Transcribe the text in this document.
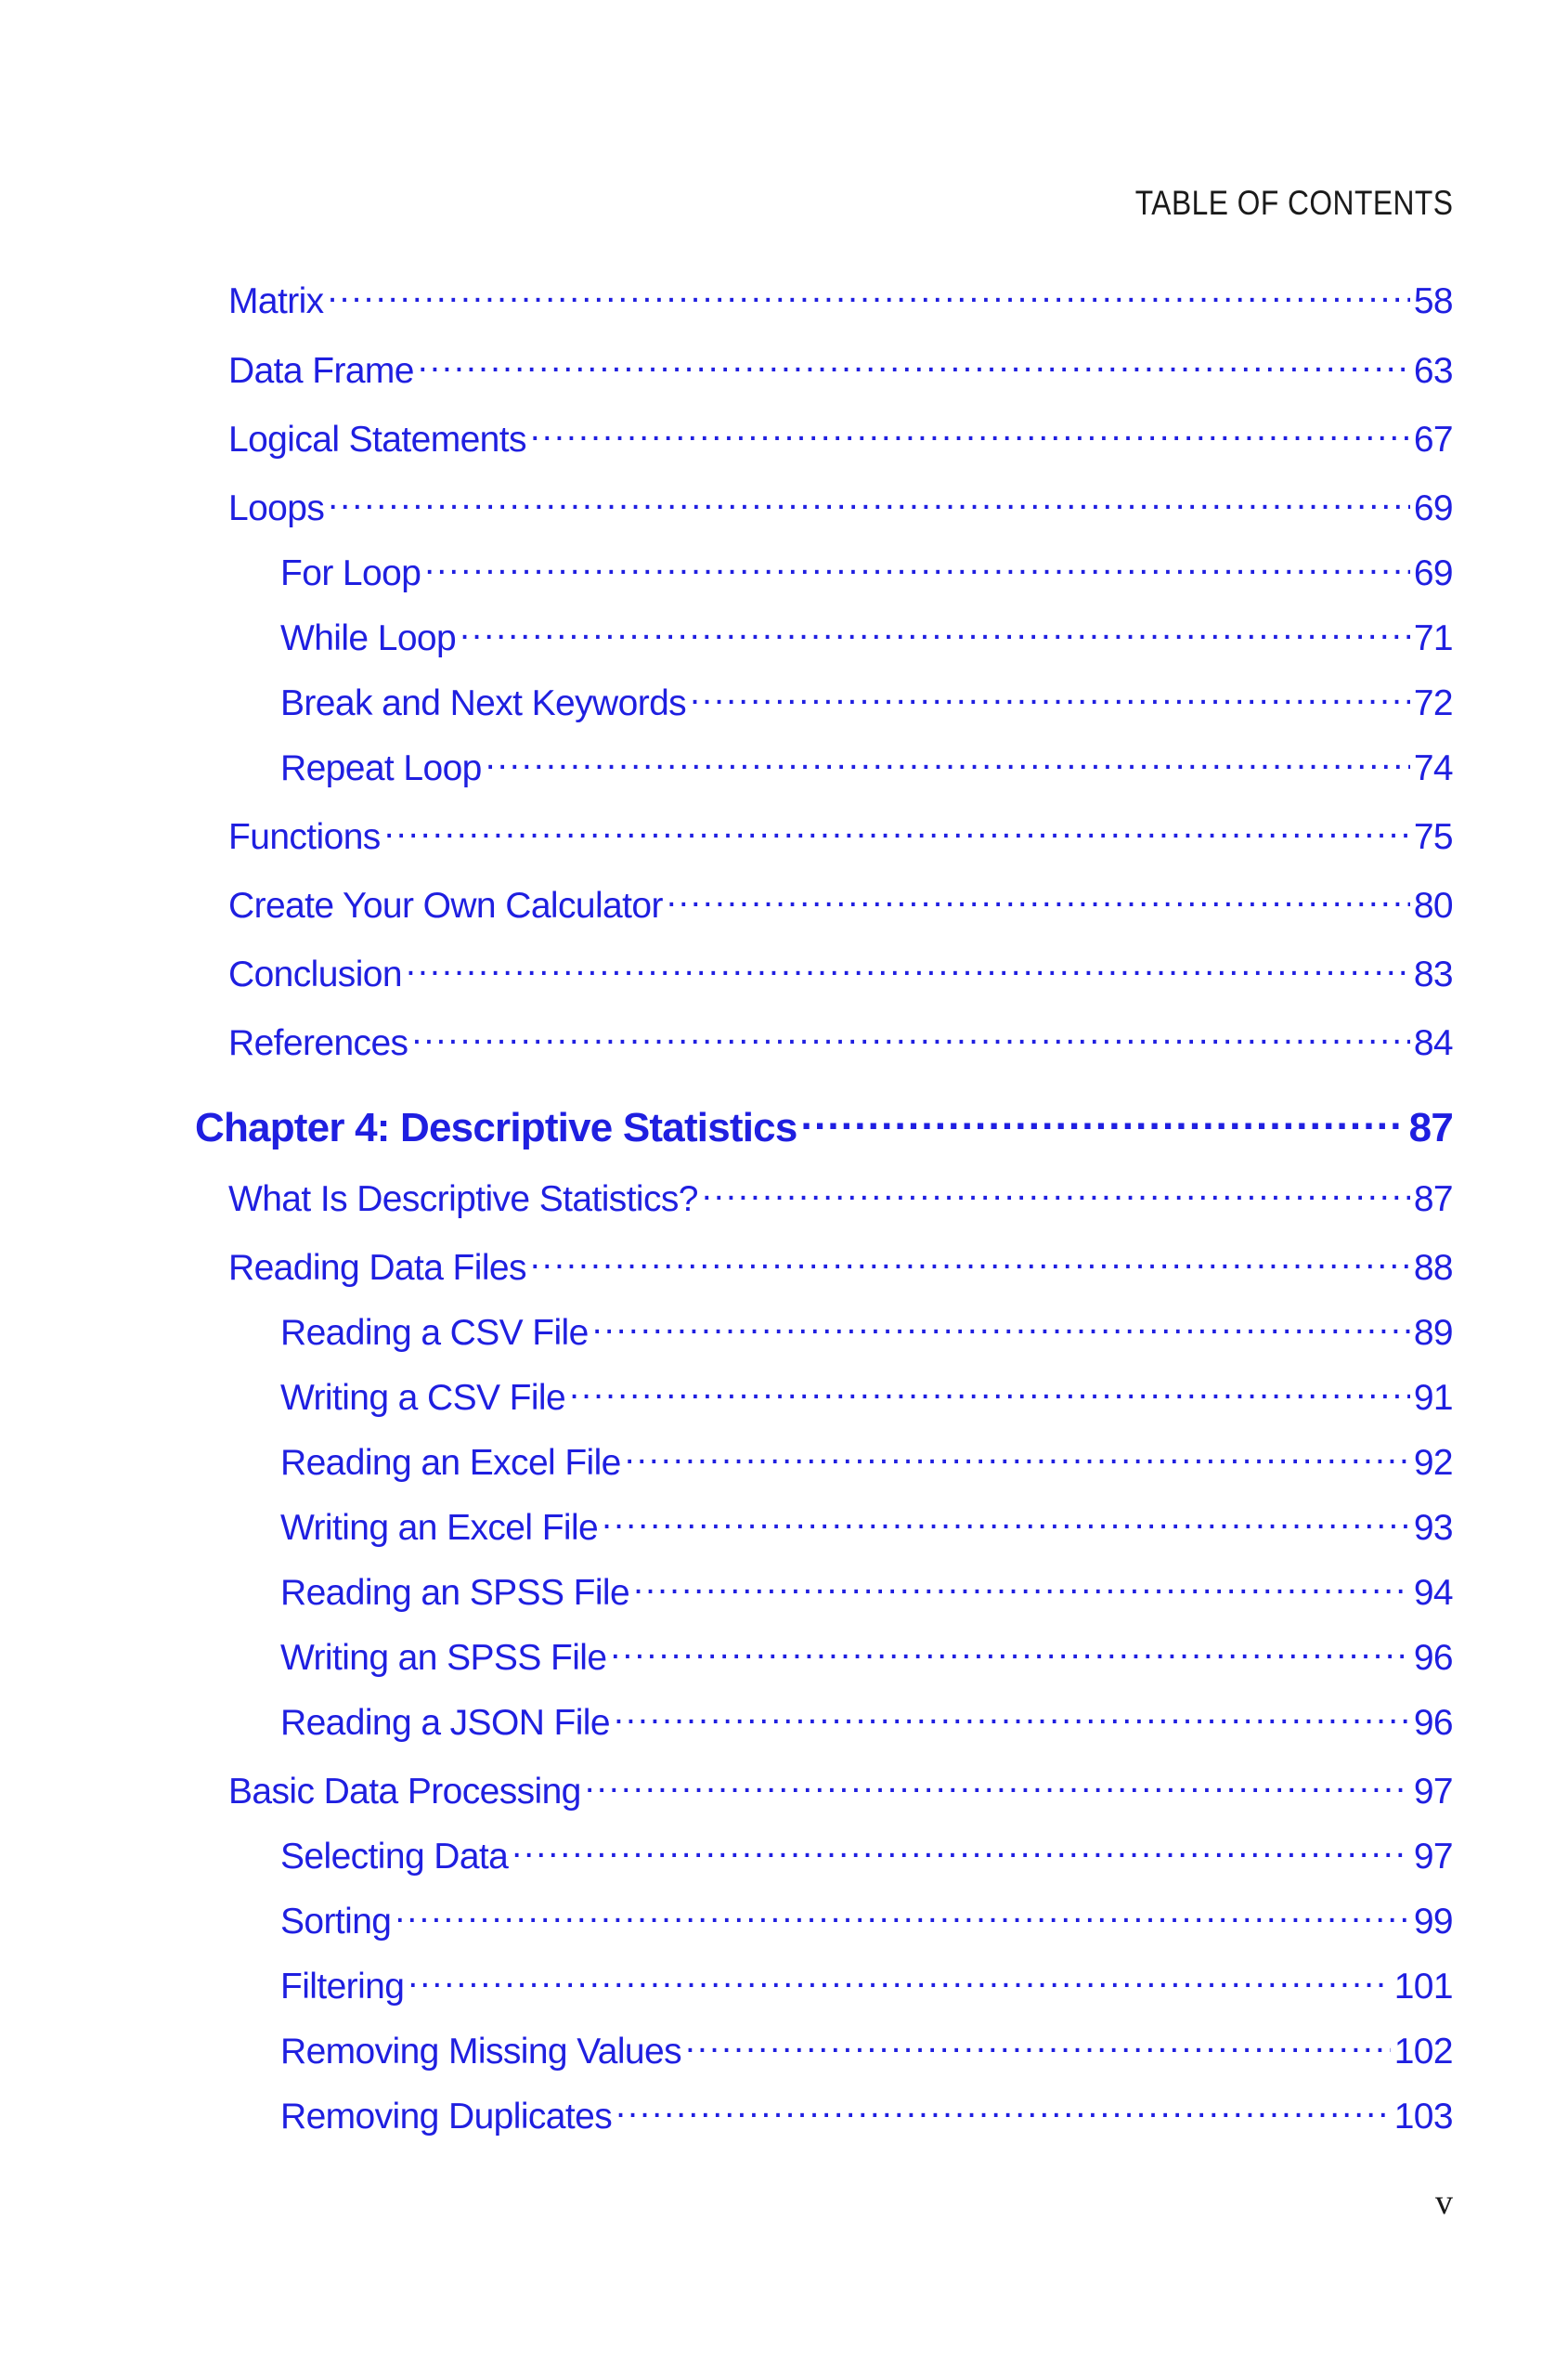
TABLE OF CONTENTS
Matrix .....	58
Data Frame .....	63
Logical Statements .....	67
Loops .....	69
For Loop .....	69
While Loop .....	71
Break and Next Keywords .....	72
Repeat Loop .....	74
Functions .....	75
Create Your Own Calculator .....	80
Conclusion .....	83
References .....	84
Chapter 4: Descriptive Statistics .....	87
What Is Descriptive Statistics? .....	87
Reading Data Files .....	88
Reading a CSV File .....	89
Writing a CSV File .....	91
Reading an Excel File .....	92
Writing an Excel File .....	93
Reading an SPSS File .....	94
Writing an SPSS File .....	96
Reading a JSON File .....	96
Basic Data Processing .....	97
Selecting Data .....	97
Sorting .....	99
Filtering .....	101
Removing Missing Values .....	102
Removing Duplicates .....	103
v
